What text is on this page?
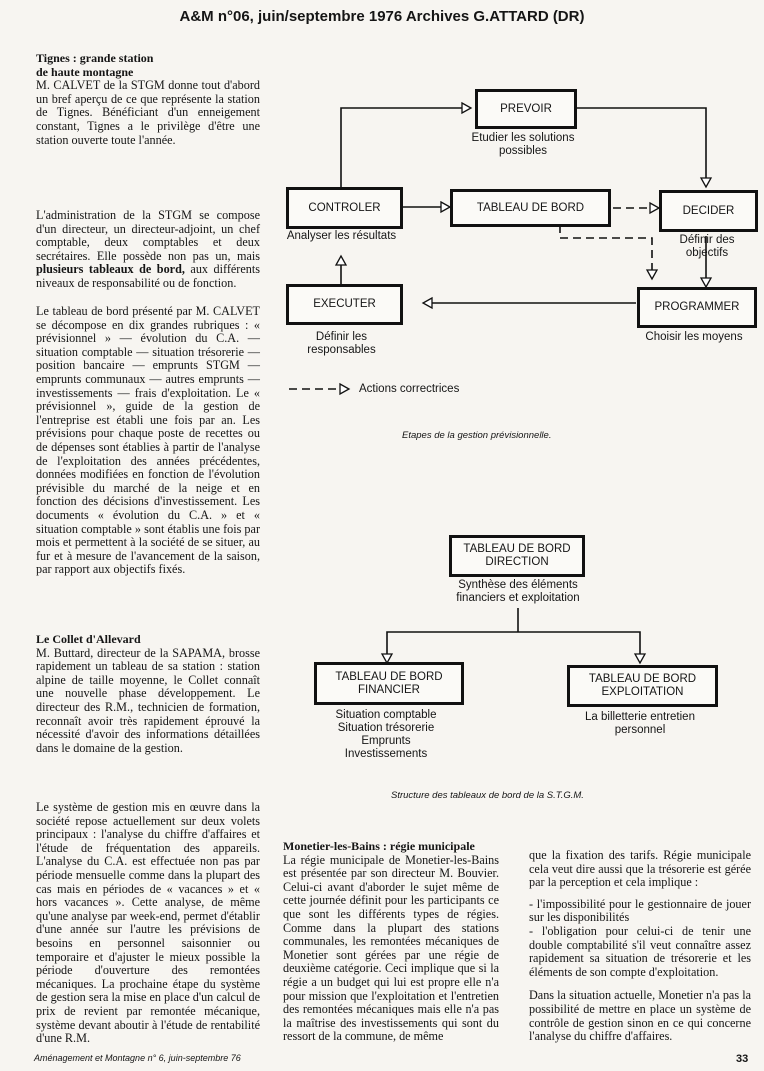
A&M n°06, juin/septembre 1976 Archives G.ATTARD (DR)

Tignes : grande station

de haute montagne

M. CALVET de la STGM donne tout d'abord un bref aperçu de ce que représente la station de Tignes. Bénéficiant d'un enneigement constant, Tignes a le privilège d'être une station ouverte toute l'année.

L'administration de la STGM se compose d'un directeur, un directeur-adjoint, un chef comptable, deux comptables et deux secrétaires. Elle possède non pas un, mais plusieurs tableaux de bord, aux différents niveaux de responsabilité ou de fonction.

Le tableau de bord présenté par M. CALVET se décompose en dix grandes rubriques : « prévisionnel » — évolution du C.A. — situation comptable — situation trésorerie — position bancaire — emprunts STGM — emprunts communaux — autres emprunts — investissements — frais d'exploitation. Le « prévisionnel », guide de la gestion de l'entreprise est établi une fois par an. Les prévisions pour chaque poste de recettes ou de dépenses sont établies à partir de l'analyse de l'exploitation des années précédentes, données modifiées en fonction de l'évolution prévisible du marché de la neige et en fonction des décisions d'investissement. Les documents « évolution du C.A. » et « situation comptable » sont établis une fois par mois et permettent à la société de se situer, au fur et à mesure de l'avancement de la saison, par rapport aux objectifs fixés.

Le Collet d'Allevard

M. Buttard, directeur de la SAPAMA, brosse rapidement un tableau de sa station : station alpine de taille moyenne, le Collet connaît une nouvelle phase développement. Le directeur des R.M., technicien de formation, reconnaît avoir très rapidement éprouvé la nécessité d'avoir des informations détaillées dans le domaine de la gestion.

Le système de gestion mis en œuvre dans la société repose actuellement sur deux volets principaux : l'analyse du chiffre d'affaires et l'étude de fréquentation des appareils. L'analyse du C.A. est effectuée non pas par période mensuelle comme dans la plupart des cas mais en périodes de « vacances » et « hors vacances ». Cette analyse, de même qu'une analyse par week-end, permet d'établir d'une année sur l'autre les prévisions de besoins en personnel saisonnier ou temporaire et d'ajuster le mieux possible la période d'ouverture des remontées mécaniques. La prochaine étape du système de gestion sera la mise en place d'un calcul de prix de revient par remontée mécanique, système devant aboutir à l'étude de rentabilité d'une R.M.

PREVOIR
Etudier les solutions possibles
CONTROLER
Analyser les résultats
TABLEAU DE BORD	DECIDER
Définir des objectifs
EXECUTER
Définir les responsables
PROGRAMMER
Choisir les moyens
Actions correctrices
Etapes de la gestion prévisionnelle.
TABLEAU DE BORD
DIRECTION
Synthèse des éléments financiers et exploitation
TABLEAU DE BORD
FINANCIER
Situation comptable
Situation trésorerie
Emprunts
Investissements
TABLEAU DE BORD
EXPLOITATION
La billetterie entretien personnel
Structure des tableaux de bord de la S.T.G.M.

Monetier-les-Bains : régie municipale

La régie municipale de Monetier-les-Bains est présentée par son directeur M. Bouvier. Celui-ci avant d'aborder le sujet même de cette journée définit pour les participants ce que sont les différents types de régies. Comme dans la plupart des stations communales, les remontées mécaniques de Monetier sont gérées par une régie de deuxième catégorie. Ceci implique que si la régie a un budget qui lui est propre elle n'a pour mission que l'exploitation et l'entretien des remontées mécaniques mais elle n'a pas la maîtrise des investissements qui sont du ressort de la commune, de même

que la fixation des tarifs. Régie municipale cela veut dire aussi que la trésorerie est gérée par la perception et cela implique :

- l'impossibilité pour le gestionnaire de jouer sur les disponibilités

- l'obligation pour celui-ci de tenir une double comptabilité s'il veut connaître assez rapidement sa situation de trésorerie et les éléments de son compte d'exploitation.

Dans la situation actuelle, Monetier n'a pas la possibilité de mettre en place un système de contrôle de gestion sinon en ce qui concerne l'analyse du chiffre d'affaires.

Aménagement et Montagne n° 6, juin-septembre 76	33
